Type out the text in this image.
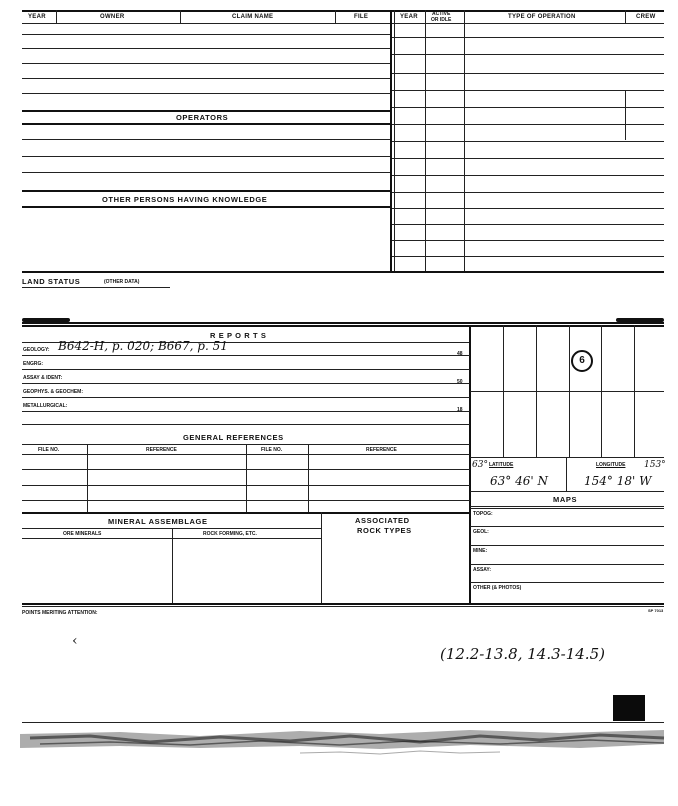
YEAR	OWNER	CLAIM NAME	FILE	YEAR	ACTIVE
OR IDLE	TYPE OF OPERATION	CREW
OPERATORS
OTHER PERSONS HAVING KNOWLEDGE
LAND STATUS	(OTHER DATA)
R E P O R T S
GEOLOGY: B642-H, p. 020; B667, p. 51
48
ENGRG:
ASSAY & IDENT:
50
GEOPHYS. & GEOCHEM:
METALLURGICAL:
18
GENERAL REFERENCES
FILE NO.	REFERENCE	FILE NO.	REFERENCE
MINERAL ASSEMBLAGE
ORE MINERALS	ROCK FORMING, ETC.
ASSOCIATED
ROCK TYPES
6
63° LATITUDE	LONGITUDE 153°
63° 46' N	154° 18' W
MAPS
TOPOG:
GEOL:
MINE:
ASSAY:
OTHER (& PHOTOS)
POINTS MERITING ATTENTION:	SP 7013
‹
(12.2-13.8, 14.3-14.5)
